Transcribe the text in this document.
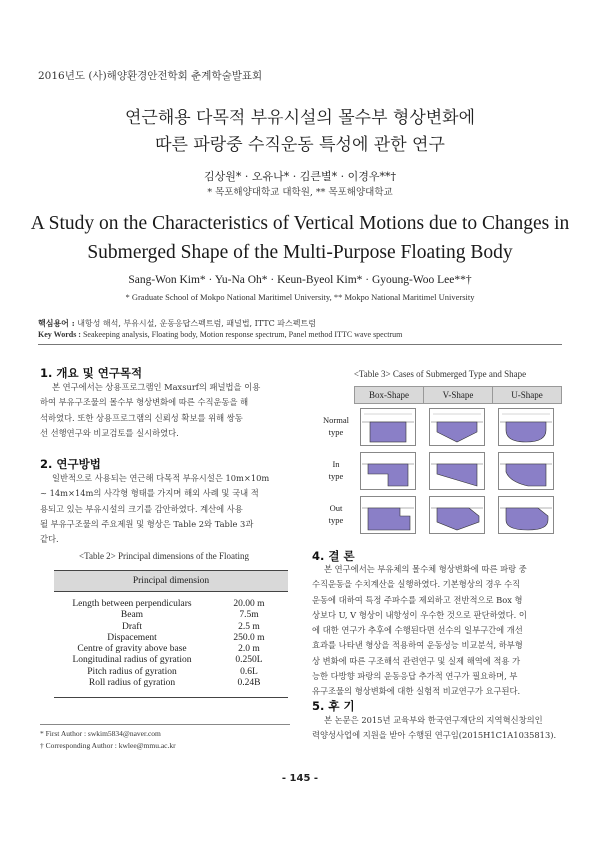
2016년도 (사)해양환경안전학회 춘계학술발표회
연근해용 다목적 부유시설의 몰수부 형상변화에
따른 파랑중 수직운동 특성에 관한 연구
김상원* · 오유나* · 김큰별* · 이경우**†
* 목포해양대학교 대학원, ** 목포해양대학교
A Study on the Characteristics of Vertical Motions due to Changes in
Submerged Shape of the Multi-Purpose Floating Body
Sang-Won Kim* · Yu-Na Oh* · Keun-Byeol Kim* · Gyoung-Woo Lee**†
* Graduate School of Mokpo National Maritimel University, ** Mokpo National Maritimel University
핵심용어 : 내항성 해석, 부유시설, 운동응답스펙트럼, 패널법, ITTC 파스펙트럼
Key Words : Seakeeping analysis, Floating body, Motion response spectrum, Panel method ITTC wave spectrum
1. 개요 및 연구목적
본 연구에서는 상용프로그램인 Maxsurf의 패널법을 이용
하여 부유구조물의 몰수부 형상변화에 따른 수직운동을 해
석하였다. 또한 상용프로그램의 신뢰성 확보를 위해 쌍동
선 선행연구와 비교검토를 실시하였다.
2. 연구방법
일반적으로 사용되는 연근해 다목적 부유시설은 10m×10m
~ 14m×14m의 사각형 형태를 가지며 해외 사례 및 국내 적
용되고 있는 부유시설의 크기를 감안하였다. 계산에 사용
될 부유구조물의 주요제원 및 형상은 Table 2와 Table 3과
같다.
<Table 2> Principal dimensions of the Floating
Principal dimension
Length between perpendiculars	20.00 m
Beam	7.5m
Draft	2.5 m
Dispacement	250.0 m
Centre of gravity above base	2.0 m
Longitudinal radius of gyration	0.250L
Pitch radius of gyration	0.6L
Roll radius of gyration	0.24B
* First Author : swkim5834@naver.com
† Corresponding Author : kwlee@mmu.ac.kr
<Table 3> Cases of Submerged Type and Shape
Box-Shape	V-Shape	U-Shape
Normal
type
In
type
Out
type
4. 결 론
본 연구에서는 부유체의 몰수체 형상변화에 따른 파랑 중
수직운동을 수치계산을 실행하였다. 기본형상의 경우 수직
운동에 대하여 특정 주파수를 제외하고 전반적으로 Box 형
상보다 U, V 형상이 내항성이 우수한 것으로 판단하였다. 이
에 대한 연구가 추후에 수행된다면 선수의 일부구간에 개선
효과를 나타낸 형상을 적용하여 운동성능 비교분석, 하부형
상 변화에 따른 구조해석 관련연구 및 실제 해역에 적용 가
능한 다방향 파랑의 운동응답 추가적 연구가 필요하며, 부
유구조물의 형상변화에 대한 실험적 비교연구가 요구된다.
5. 후 기
본 논문은 2015년 교육부와 한국연구재단의 지역혁신창의인
력양성사업에 지원을 받아 수행된 연구임(2015H1C1A1035813).
- 145 -
